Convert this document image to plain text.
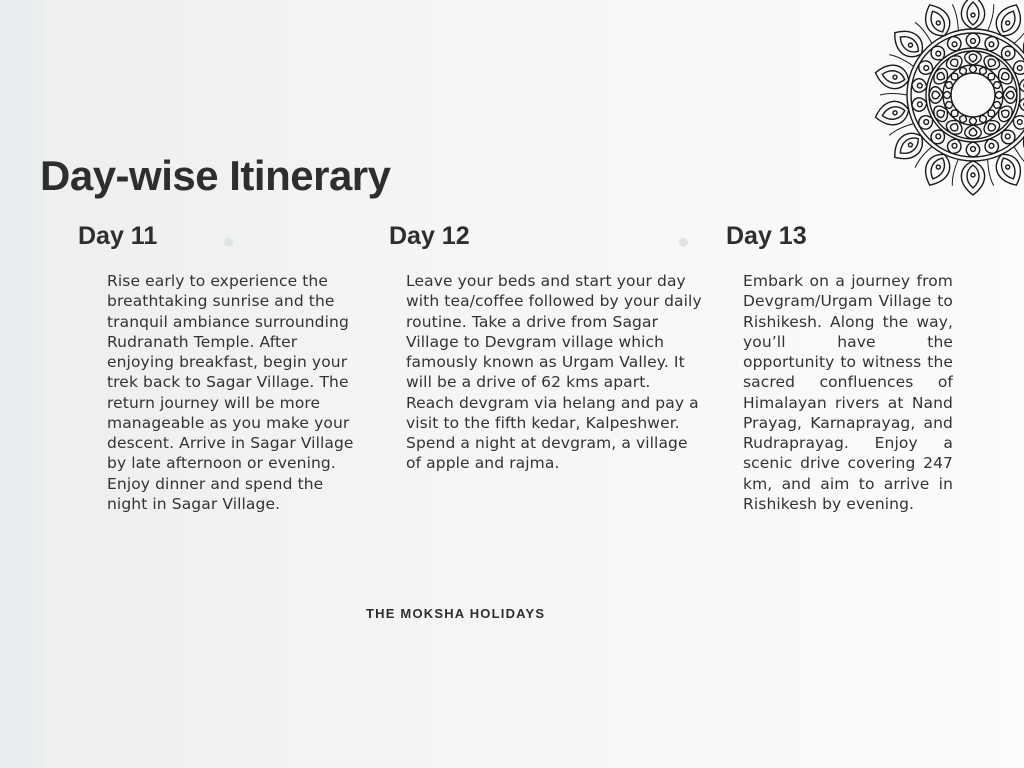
Day-wise Itinerary
Day 11

Rise early to experience the breathtaking sunrise and the tranquil ambiance surrounding Rudranath Temple. After enjoying breakfast, begin your trek back to Sagar Village. The return journey will be more manageable as you make your descent. Arrive in Sagar Village by late afternoon or evening. Enjoy dinner and spend the night in Sagar Village.

Day 12

Leave your beds and start your day with tea/coffee followed by your daily routine. Take a drive from Sagar Village to Devgram village which famously known as Urgam Valley. It will be a drive of 62 kms apart. Reach devgram via helang and pay a visit to the fifth kedar, Kalpeshwer. Spend a night at devgram, a village of apple and rajma.

Day 13

Embark on a journey from Devgram/Urgam Village to Rishikesh. Along the way, you’ll have the opportunity to witness the sacred confluences of Himalayan rivers at Nand Prayag, Karnaprayag, and Rudraprayag. Enjoy a scenic drive covering 247 km, and aim to arrive in Rishikesh by evening.

THE MOKSHA HOLIDAYS
